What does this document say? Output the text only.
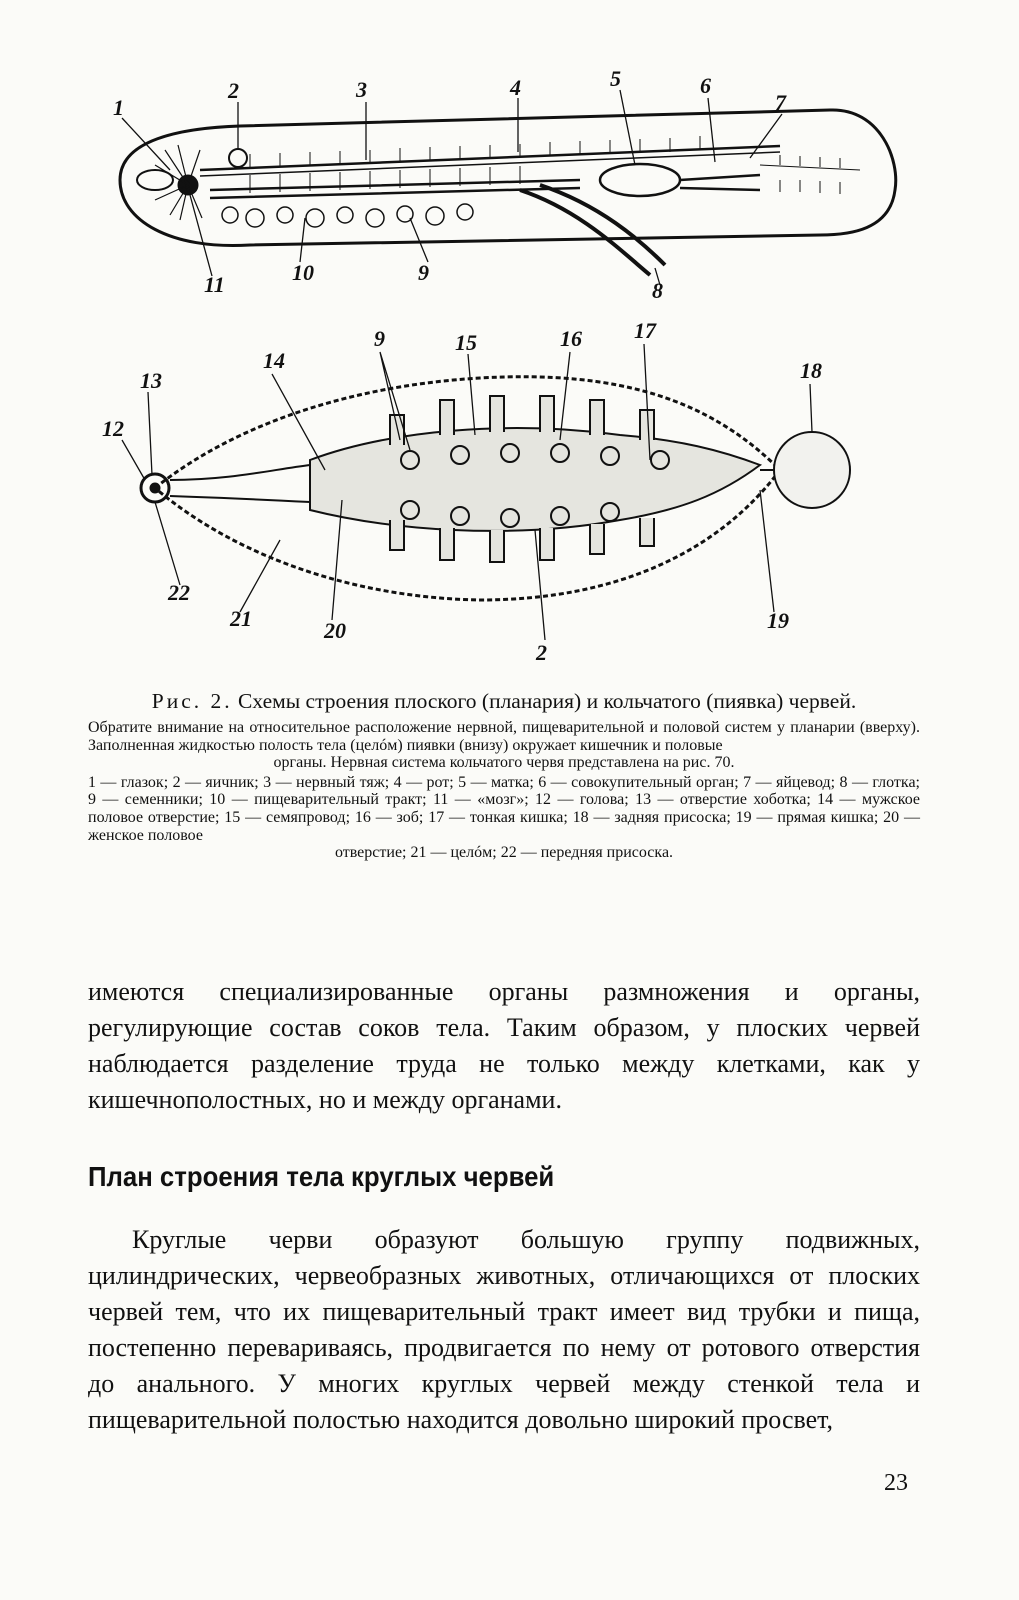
1
2	3	4	5	6
7
8
9
10
11
9
12
13
14
15	16 17
18
19
20
21
22
2
Рис. 2. Схемы строения плоского (планария) и кольчатого (пиявка) червей.
Обратите внимание на относительное расположение нервной, пищеварительной и половой систем у планарии (вверху). Заполненная жидкостью полость тела (целóм) пиявки (внизу) окружает кишечник и половые
органы. Нервная система кольчатого червя представлена на рис. 70.
1 — глазок; 2 — яичник; 3 — нервный тяж; 4 — рот; 5 — матка; 6 — совокупительный орган; 7 — яйцевод; 8 — глотка; 9 — семенники; 10 — пищеварительный тракт; 11 — «мозг»; 12 — голова; 13 — отверстие хоботка; 14 — мужское половое отверстие; 15 — семяпровод; 16 — зоб; 17 — тонкая кишка; 18 — задняя присоска; 19 — прямая кишка; 20 — женское половое
отверстие; 21 — целóм; 22 — передняя присоска.

имеются специализированные органы размножения и органы, регулирующие состав соков тела. Таким образом, у плоских червей наблюдается разделение труда не только между клетками, как у кишечнополостных, но и между органами.

План строения тела круглых червей
Круглые черви образуют большую группу подвижных, цилиндрических, червеобразных животных, отличающихся от плоских червей тем, что их пищеварительный тракт имеет вид трубки и пища, постепенно перевариваясь, продвигается по нему от ротового отверстия до анального. У многих круглых червей между стенкой тела и пищеварительной полостью находится довольно широкий просвет,
23
